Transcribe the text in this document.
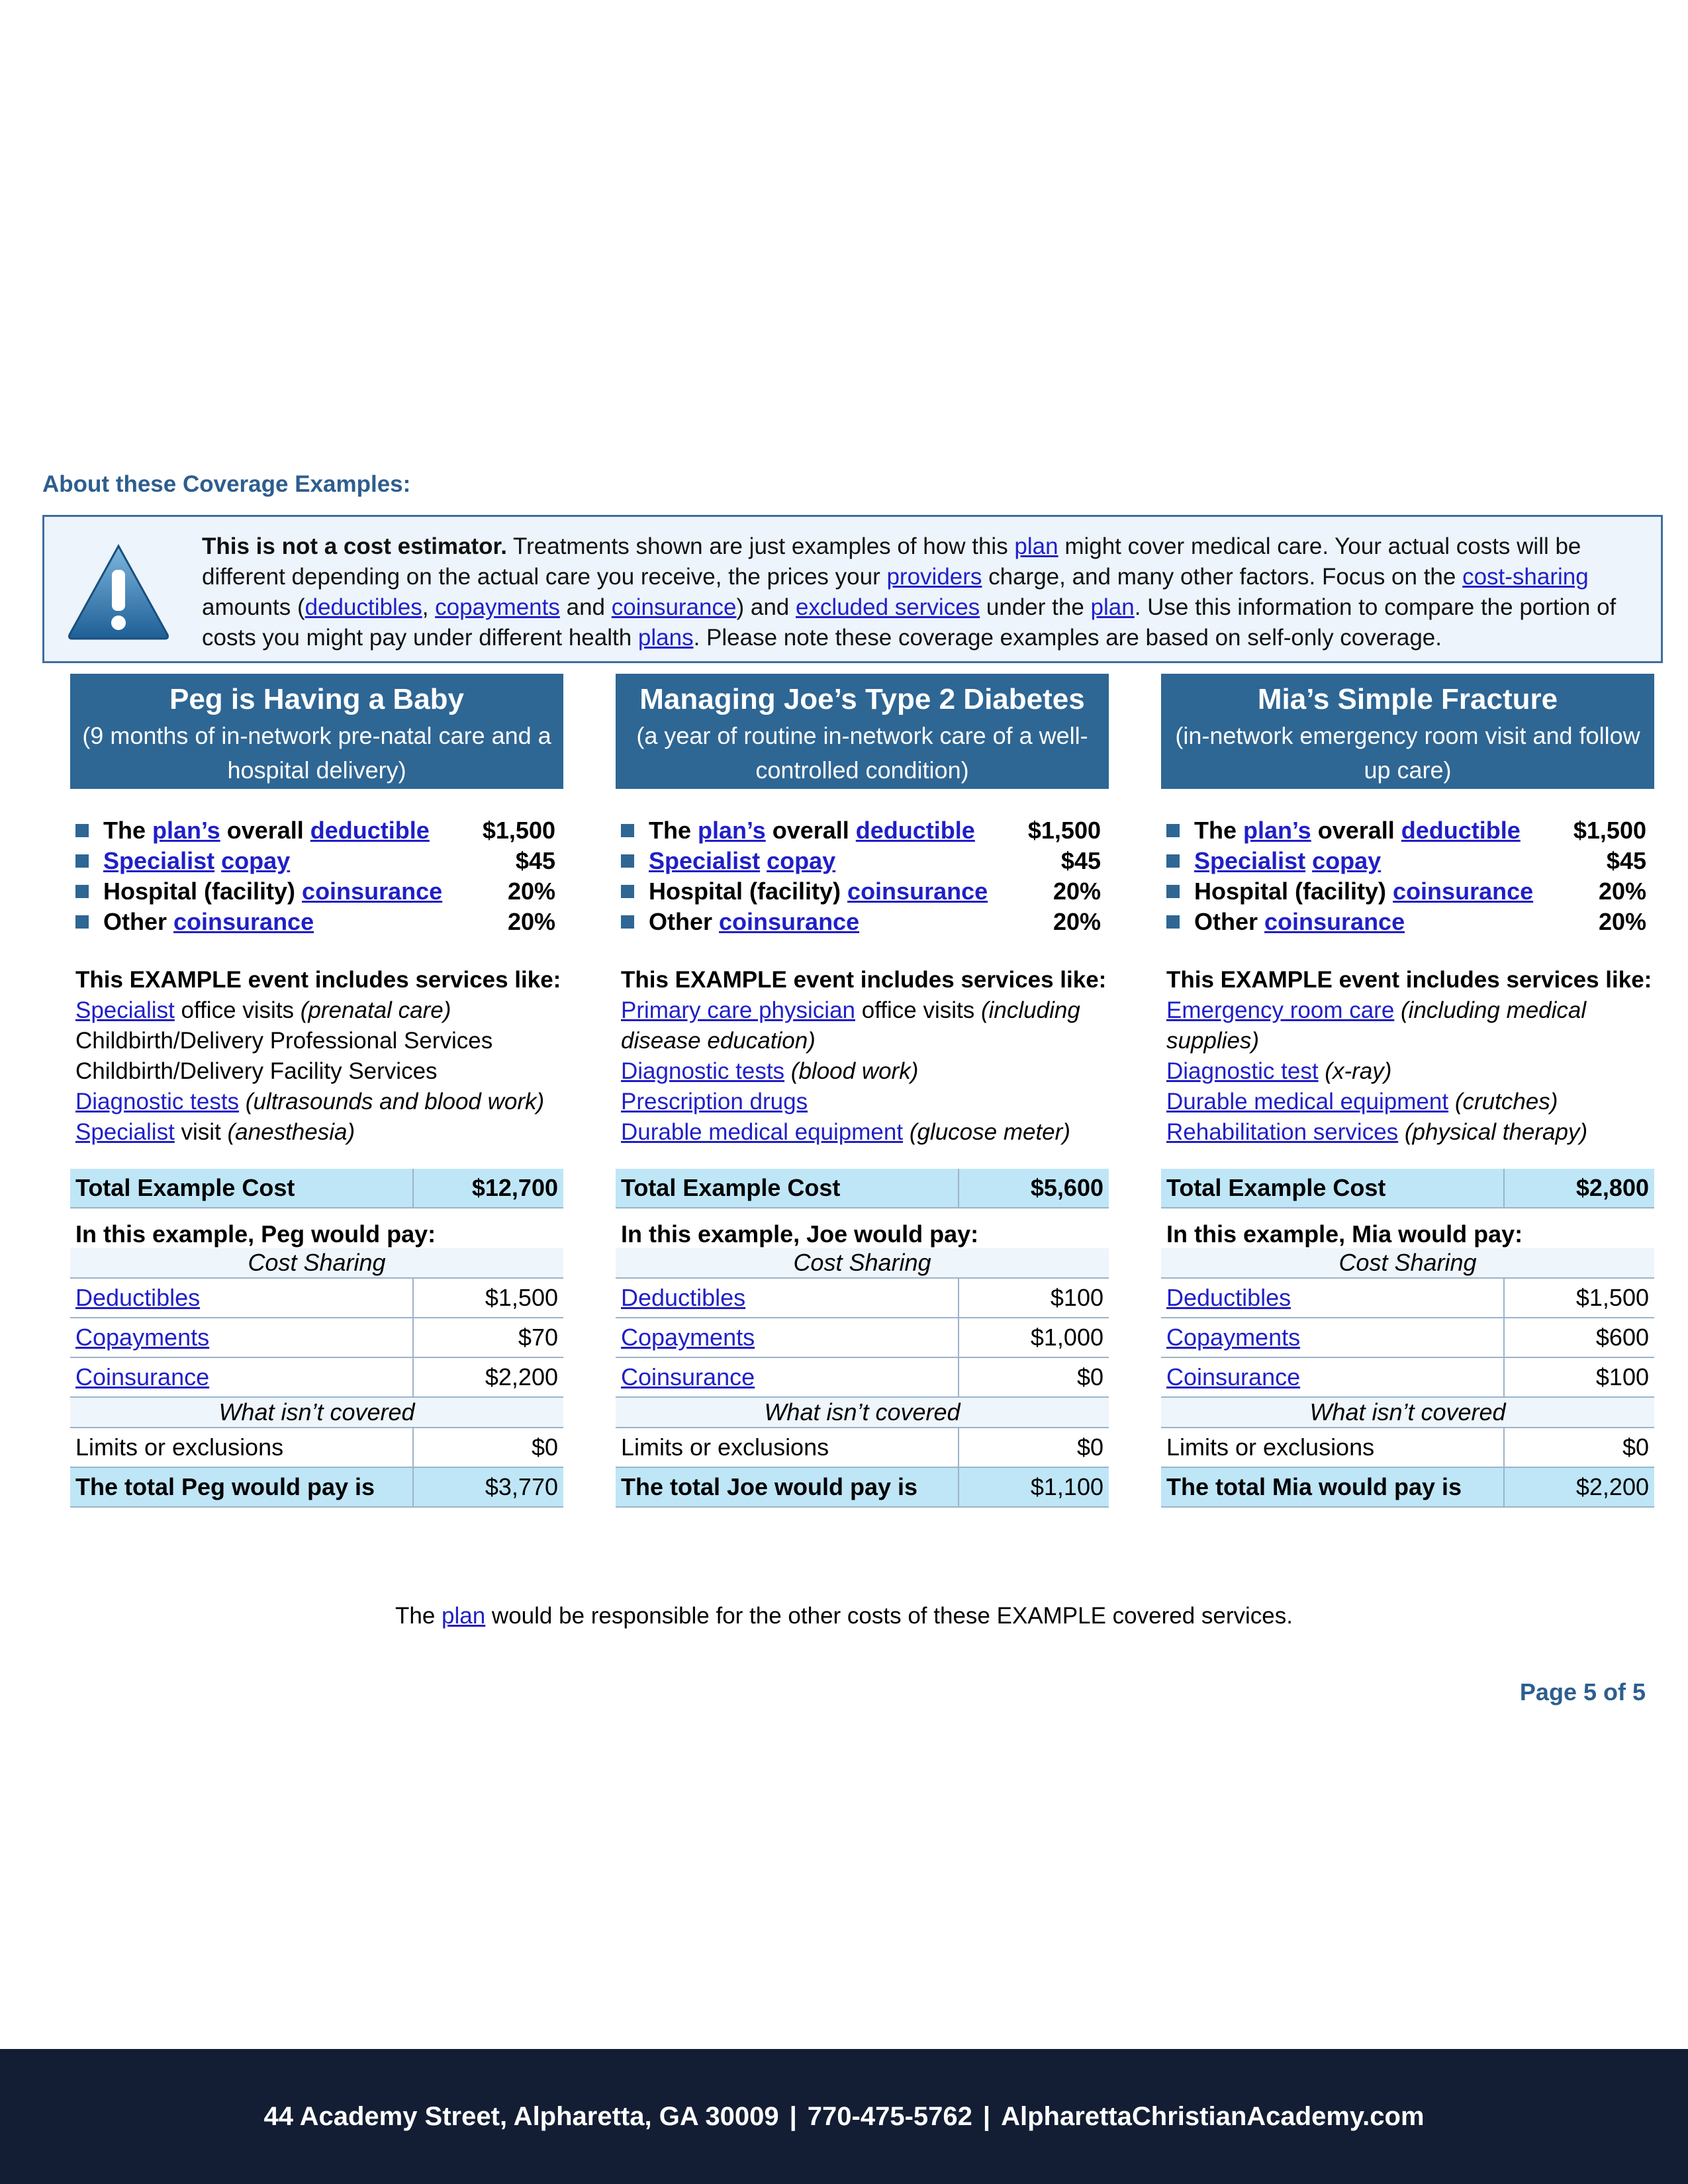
About these Coverage Examples:
This is not a cost estimator. Treatments shown are just examples of how this plan might cover medical care. Your actual costs will be different depending on the actual care you receive, the prices your providers charge, and many other factors. Focus on the cost-sharing amounts (deductibles, copayments and coinsurance) and excluded services under the plan. Use this information to compare the portion of costs you might pay under different health plans. Please note these coverage examples are based on self-only coverage.
Peg is Having a Baby
(9 months of in-network pre-natal care and a hospital delivery)
The plan’s overall deductible	$1,500
Specialist copay	$45
Hospital (facility) coinsurance	20%
Other coinsurance	20%
This EXAMPLE event includes services like:
Specialist office visits (prenatal care)
Childbirth/Delivery Professional Services
Childbirth/Delivery Facility Services
Diagnostic tests (ultrasounds and blood work)
Specialist visit (anesthesia)
Total Example Cost	$12,700
In this example, Peg would pay:	
Cost Sharing	
Deductibles	$1,500
Copayments	$70
Coinsurance	$2,200
What isn’t covered	
Limits or exclusions	$0
The total Peg would pay is	$3,770
Managing Joe’s Type 2 Diabetes
(a year of routine in-network care of a well-controlled condition)
The plan’s overall deductible	$1,500
Specialist copay	$45
Hospital (facility) coinsurance	20%
Other coinsurance	20%
This EXAMPLE event includes services like:
Primary care physician office visits (including disease education)
Diagnostic tests (blood work)
Prescription drugs
Durable medical equipment (glucose meter)
Total Example Cost	$5,600
In this example, Joe would pay:	
Cost Sharing	
Deductibles	$100
Copayments	$1,000
Coinsurance	$0
What isn’t covered	
Limits or exclusions	$0
The total Joe would pay is	$1,100
Mia’s Simple Fracture
(in-network emergency room visit and follow up care)
The plan’s overall deductible	$1,500
Specialist copay	$45
Hospital (facility) coinsurance	20%
Other coinsurance	20%
This EXAMPLE event includes services like:
Emergency room care (including medical supplies)
Diagnostic test (x-ray)
Durable medical equipment (crutches)
Rehabilitation services (physical therapy)
Total Example Cost	$2,800
In this example, Mia would pay:	
Cost Sharing	
Deductibles	$1,500
Copayments	$600
Coinsurance	$100
What isn’t covered	
Limits or exclusions	$0
The total Mia would pay is	$2,200
The plan would be responsible for the other costs of these EXAMPLE covered services.
Page 5 of 5
44 Academy Street, Alpharetta, GA 30009 | 770-475-5762 | AlpharettaChristianAcademy.com
